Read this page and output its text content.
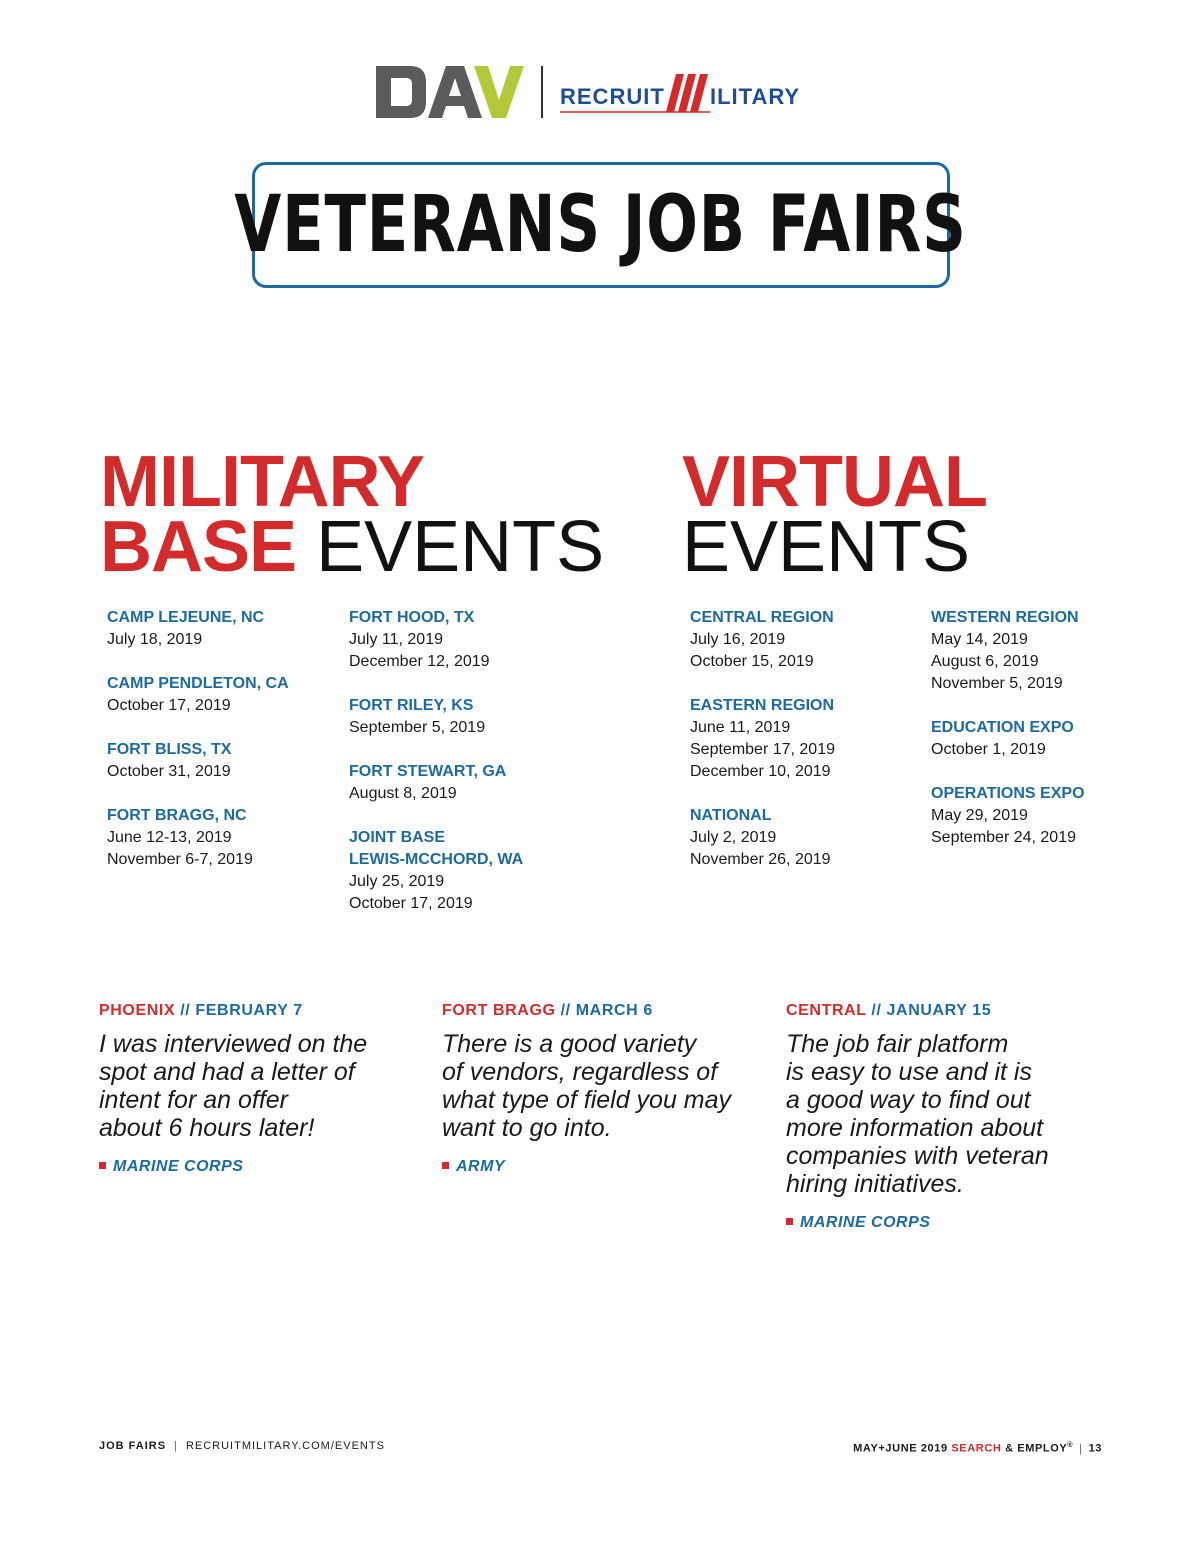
RECRUIT ILITARY
VETERANS JOB FAIRS
MILITARY
BASE EVENTS
VIRTUAL
EVENTS
CAMP LEJEUNE, NC
July 18, 2019
CAMP PENDLETON, CA
October 17, 2019
FORT BLISS, TX
October 31, 2019
FORT BRAGG, NC
June 12-13, 2019
November 6-7, 2019
FORT HOOD, TX
July 11, 2019
December 12, 2019
FORT RILEY, KS
September 5, 2019
FORT STEWART, GA
August 8, 2019
JOINT BASE
LEWIS-MCCHORD, WA
July 25, 2019
October 17, 2019
CENTRAL REGION
July 16, 2019
October 15, 2019
EASTERN REGION
June 11, 2019
September 17, 2019
December 10, 2019
NATIONAL
July 2, 2019
November 26, 2019
WESTERN REGION
May 14, 2019
August 6, 2019
November 5, 2019
EDUCATION EXPO
October 1, 2019
OPERATIONS EXPO
May 29, 2019
September 24, 2019
PHOENIX // FEBRUARY 7
I was interviewed on the
spot and had a letter of
intent for an offer
about 6 hours later!
MARINE CORPS
FORT BRAGG // MARCH 6
There is a good variety
of vendors, regardless of
what type of field you may
want to go into.
ARMY
CENTRAL // JANUARY 15
The job fair platform
is easy to use and it is
a good way to find out
more information about
companies with veteran
hiring initiatives.
MARINE CORPS
JOB FAIRS | RECRUITMILITARY.COM/EVENTS	MAY+JUNE 2019 SEARCH & EMPLOY® | 13
